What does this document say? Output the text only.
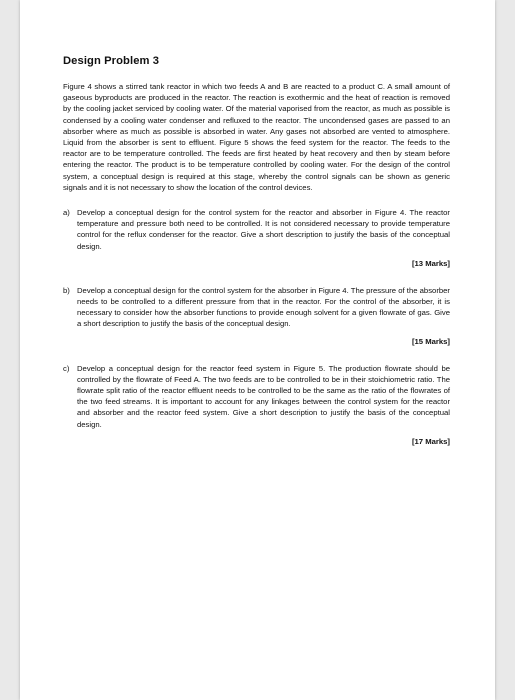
Design Problem 3
Figure 4 shows a stirred tank reactor in which two feeds A and B are reacted to a product C. A small amount of gaseous byproducts are produced in the reactor. The reaction is exothermic and the heat of reaction is removed by the cooling jacket serviced by cooling water. Of the material vaporised from the reactor, as much as possible is condensed by a cooling water condenser and refluxed to the reactor. The uncondensed gases are passed to an absorber where as much as possible is absorbed in water. Any gases not absorbed are vented to atmosphere. Liquid from the absorber is sent to effluent. Figure 5 shows the feed system for the reactor. The feeds to the reactor are to be temperature controlled. The feeds are first heated by heat recovery and then by steam before entering the reactor. The product is to be temperature controlled by cooling water. For the design of the control system, a conceptual design is required at this stage, whereby the control signals can be shown as generic signals and it is not necessary to show the location of the control devices.
a) Develop a conceptual design for the control system for the reactor and absorber in Figure 4. The reactor temperature and pressure both need to be controlled. It is not considered necessary to provide temperature control for the reflux condenser for the reactor. Give a short description to justify the basis of the conceptual design.
[13 Marks]
b) Develop a conceptual design for the control system for the absorber in Figure 4. The pressure of the absorber needs to be controlled to a different pressure from that in the reactor. For the control of the absorber, it is necessary to consider how the absorber functions to provide enough solvent for a given flowrate of gas. Give a short description to justify the basis of the conceptual design.
[15 Marks]
c) Develop a conceptual design for the reactor feed system in Figure 5. The production flowrate should be controlled by the flowrate of Feed A. The two feeds are to be controlled to be in their stoichiometric ratio. The flowrate split ratio of the reactor effluent needs to be controlled to be the same as the ratio of the flowrates of the two feed streams. It is important to account for any linkages between the control system for the reactor and absorber and the reactor feed system. Give a short description to justify the basis of the conceptual design.
[17 Marks]
